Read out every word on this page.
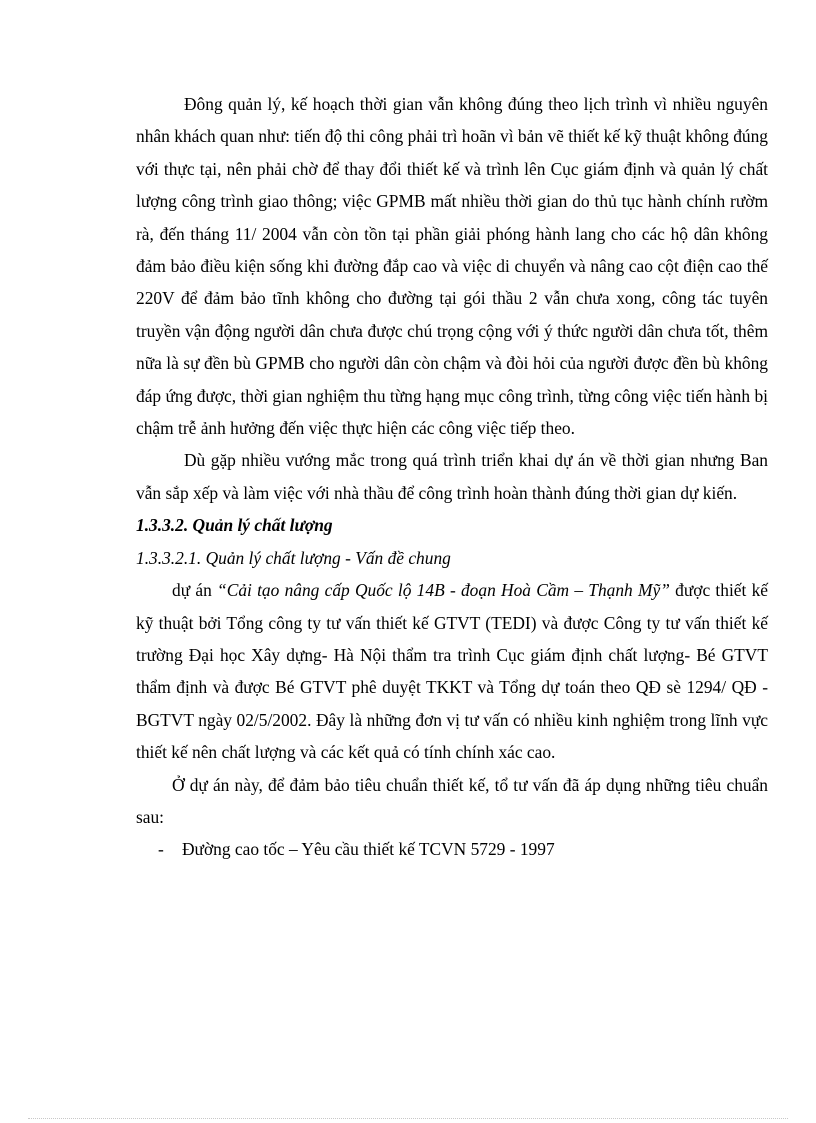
Đông quản lý, kế hoạch thời gian vẫn không đúng theo lịch trình vì nhiều nguyên nhân khách quan như: tiến độ thi công phải trì hoãn vì bản vẽ thiết kế kỹ thuật không đúng với thực tại, nên phải chờ để thay đổi thiết kế và trình lên Cục giám định và quản lý chất lượng công trình giao thông; việc GPMB mất nhiều thời gian do thủ tục hành chính rườm rà, đến tháng 11/ 2004 vẫn còn tồn tại phần giải phóng hành lang cho các hộ dân không đảm bảo điều kiện sống khi đường đắp cao và việc di chuyển và nâng cao cột điện cao thế 220V để đảm bảo tĩnh không cho đường tại gói thầu 2 vẫn chưa xong, công tác tuyên truyền vận động người dân chưa được chú trọng cộng với ý thức người dân chưa tốt, thêm nữa là sự đền bù GPMB cho người dân còn chậm và đòi hỏi của người được đền bù không đáp ứng được, thời gian nghiệm thu từng hạng mục công trình, từng công việc tiến hành bị chậm trễ ảnh hưởng đến việc thực hiện các công việc tiếp theo.

Dù gặp nhiều vướng mắc trong quá trình triển khai dự án về thời gian nhưng Ban vẫn sắp xếp và làm việc với nhà thầu để công trình hoàn thành đúng thời gian dự kiến.

1.3.3.2. Quản lý chất lượng

1.3.3.2.1. Quản lý chất lượng - Vấn đề chung

dự án “Cải tạo nâng cấp Quốc lộ 14B - đoạn Hoà Cầm – Thạnh Mỹ” được thiết kế kỹ thuật bởi Tổng công ty tư vấn thiết kế GTVT (TEDI) và được Công ty tư vấn thiết kế trường Đại học Xây dựng- Hà Nội thẩm tra trình Cục giám định chất lượng- Bé GTVT thẩm định và được Bé GTVT phê duyệt TKKT và Tổng dự toán theo QĐ sè 1294/ QĐ - BGTVT ngày 02/5/2002. Đây là những đơn vị tư vấn có nhiều kinh nghiệm trong lĩnh vực thiết kế nên chất lượng và các kết quả có tính chính xác cao.

Ở dự án này, để đảm bảo tiêu chuẩn thiết kế, tổ tư vấn đã áp dụng những tiêu chuẩn sau:

-	Đường cao tốc – Yêu cầu thiết kế TCVN 5729 - 1997
